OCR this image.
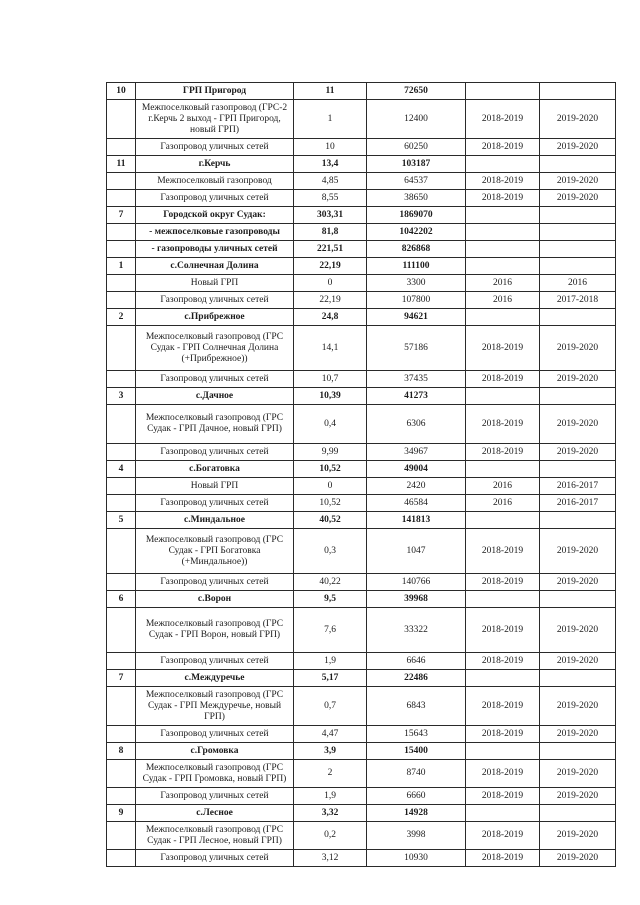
10	ГРП Пригород	11	72650		
	Межпоселковый газопровод (ГРС-2 г.Керчь 2 выход - ГРП Пригород, новый ГРП)	1	12400	2018-2019	2019-2020
	Газопровод уличных сетей	10	60250	2018-2019	2019-2020
11	г.Керчь	13,4	103187		
	Межпоселковый газопровод	4,85	64537	2018-2019	2019-2020
	Газопровод уличных сетей	8,55	38650	2018-2019	2019-2020
7	Городской округ Судак:	303,31	1869070		
	- межпоселковые газопроводы	81,8	1042202		
	- газопроводы уличных сетей	221,51	826868		
1	с.Солнечная Долина	22,19	111100		
	Новый ГРП	0	3300	2016	2016
	Газопровод уличных сетей	22,19	107800	2016	2017-2018
2	с.Прибрежное	24,8	94621		
	Межпоселковый газопровод (ГРС Судак - ГРП Солнечная Долина (+Прибрежное))	14,1	57186	2018-2019	2019-2020
	Газопровод уличных сетей	10,7	37435	2018-2019	2019-2020
3	с.Дачное	10,39	41273		
	Межпоселковый газопровод (ГРС Судак - ГРП Дачное, новый ГРП)	0,4	6306	2018-2019	2019-2020
	Газопровод уличных сетей	9,99	34967	2018-2019	2019-2020
4	с.Богатовка	10,52	49004		
	Новый ГРП	0	2420	2016	2016-2017
	Газопровод уличных сетей	10,52	46584	2016	2016-2017
5	с.Миндальное	40,52	141813		
	Межпоселковый газопровод (ГРС Судак - ГРП Богатовка (+Миндальное))	0,3	1047	2018-2019	2019-2020
	Газопровод уличных сетей	40,22	140766	2018-2019	2019-2020
6	с.Ворон	9,5	39968		
	Межпоселковый газопровод (ГРС Судак - ГРП Ворон, новый ГРП)	7,6	33322	2018-2019	2019-2020
	Газопровод уличных сетей	1,9	6646	2018-2019	2019-2020
7	с.Междуречье	5,17	22486		
	Межпоселковый газопровод (ГРС Судак - ГРП Междуречье, новый ГРП)	0,7	6843	2018-2019	2019-2020
	Газопровод уличных сетей	4,47	15643	2018-2019	2019-2020
8	с.Громовка	3,9	15400		
	Межпоселковый газопровод (ГРС Судак - ГРП Громовка, новый ГРП)	2	8740	2018-2019	2019-2020
	Газопровод уличных сетей	1,9	6660	2018-2019	2019-2020
9	с.Лесное	3,32	14928		
	Межпоселковый газопровод (ГРС Судак - ГРП Лесное, новый ГРП)	0,2	3998	2018-2019	2019-2020
	Газопровод уличных сетей	3,12	10930	2018-2019	2019-2020
